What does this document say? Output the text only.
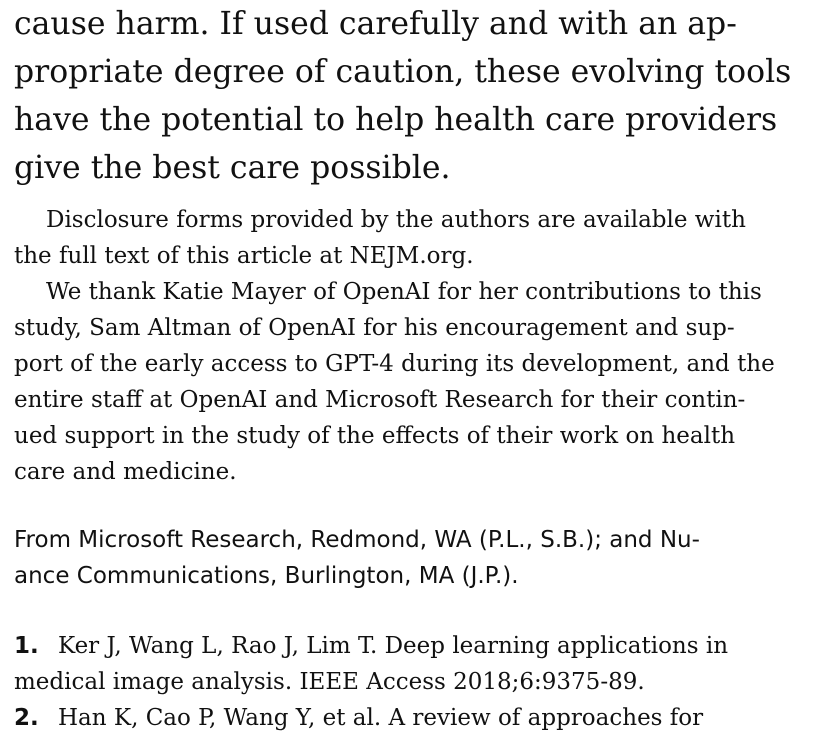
cause harm. If used carefully and with an ap-
propriate degree of caution, these evolving tools
have the potential to help health care providers
give the best care possible.

Disclosure forms provided by the authors are available with
the full text of this article at NEJM.org.
We thank Katie Mayer of OpenAI for her contributions to this
study, Sam Altman of OpenAI for his encouragement and sup-
port of the early access to GPT-4 during its development, and the
entire staff at OpenAI and Microsoft Research for their contin-
ued support in the study of the effects of their work on health
care and medicine.
From Microsoft Research, Redmond, WA (P.L., S.B.); and Nu-
ance Communications, Burlington, MA (J.P.).
1. Ker J, Wang L, Rao J, Lim T. Deep learning applications in
medical image analysis. IEEE Access 2018;6:9375-89.
2. Han K, Cao P, Wang Y, et al. A review of approaches for
